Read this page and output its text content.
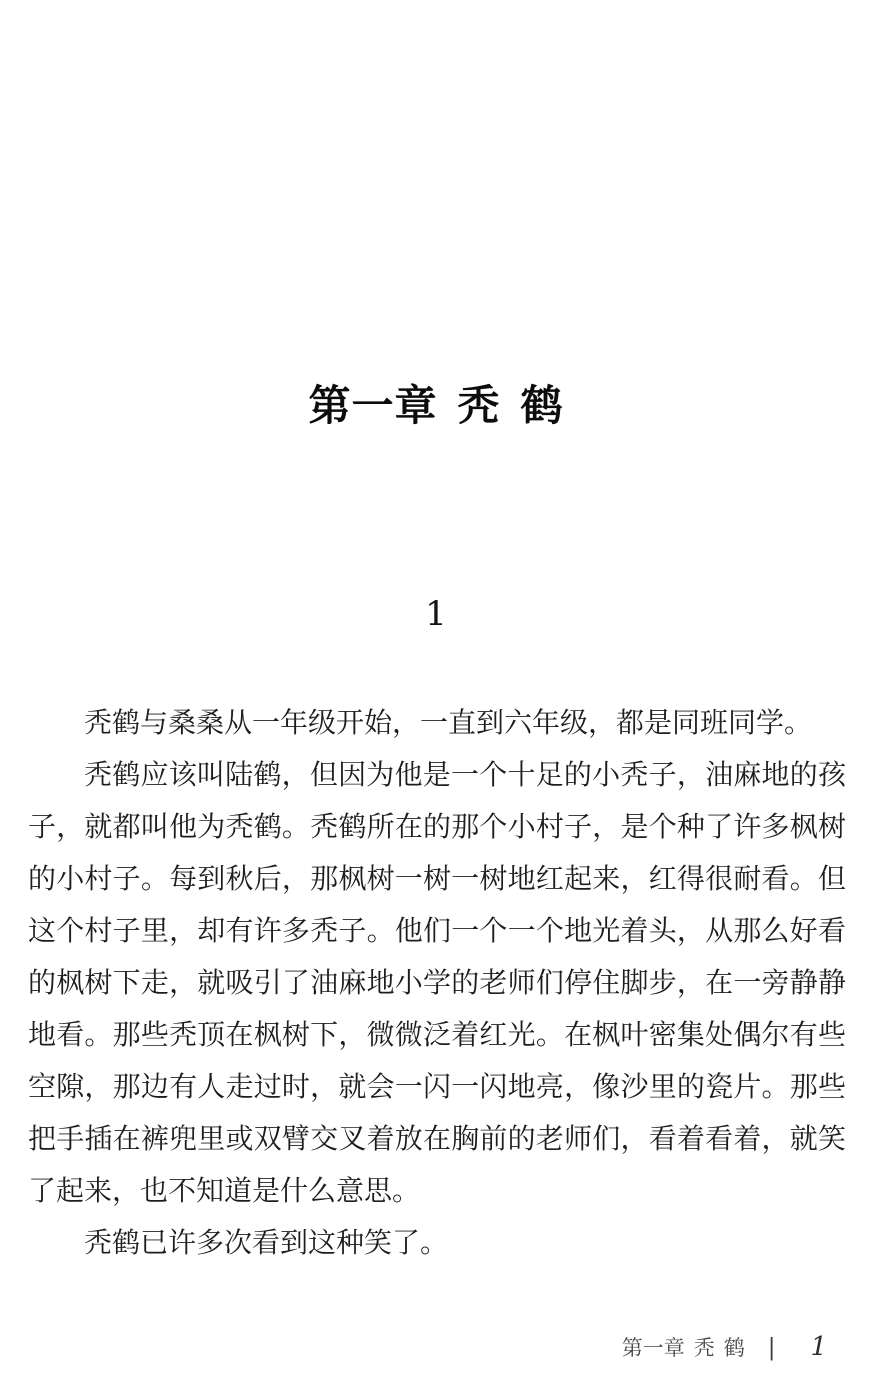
第一章 秃 鹤
1

秃鹤与桑桑从一年级开始，一直到六年级，都是同班同学。

秃鹤应该叫陆鹤，但因为他是一个十足的小秃子，油麻地的孩子，就都叫他为秃鹤。秃鹤所在的那个小村子，是个种了许多枫树的小村子。每到秋后，那枫树一树一树地红起来，红得很耐看。但这个村子里，却有许多秃子。他们一个一个地光着头，从那么好看的枫树下走，就吸引了油麻地小学的老师们停住脚步，在一旁静静地看。那些秃顶在枫树下，微微泛着红光。在枫叶密集处偶尔有些空隙，那边有人走过时，就会一闪一闪地亮，像沙里的瓷片。那些把手插在裤兜里或双臂交叉着放在胸前的老师们，看着看着，就笑了起来，也不知道是什么意思。

秃鹤已许多次看到这种笑了。

第一章 秃 鹤 | 1
